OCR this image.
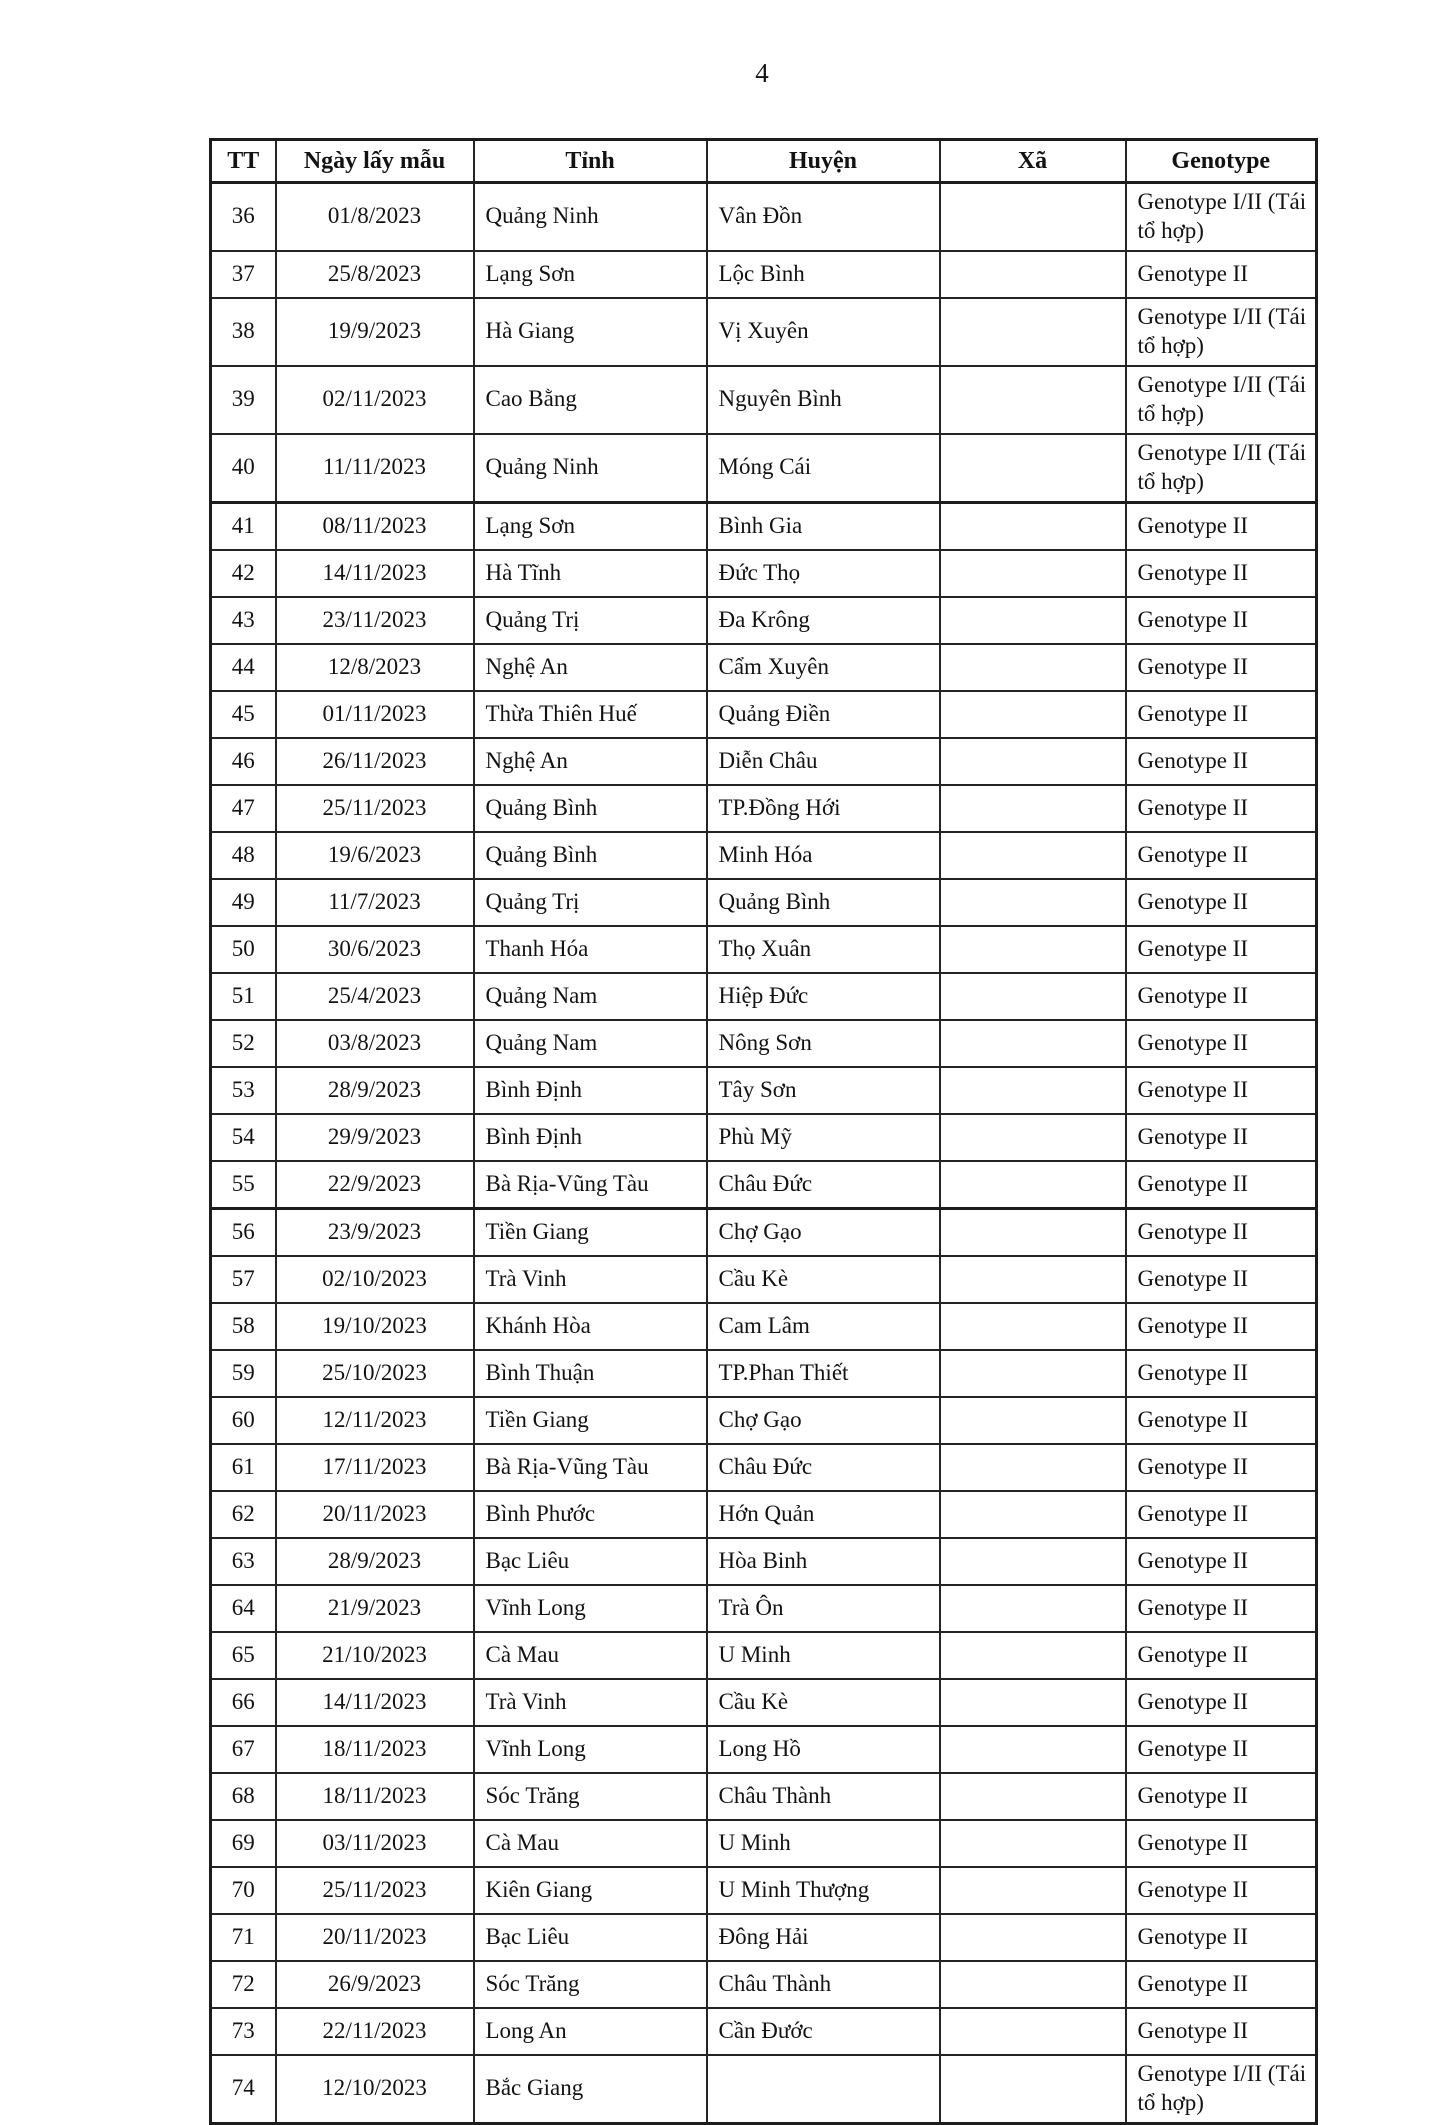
4
TT	Ngày lấy mẫu	Tỉnh	Huyện	Xã	Genotype
36	01/8/2023	Quảng Ninh	Vân Đồn		Genotype I/II (Tái tổ hợp)
37	25/8/2023	Lạng Sơn	Lộc Bình		Genotype II
38	19/9/2023	Hà Giang	Vị Xuyên		Genotype I/II (Tái tổ hợp)
39	02/11/2023	Cao Bằng	Nguyên Bình		Genotype I/II (Tái tổ hợp)
40	11/11/2023	Quảng Ninh	Móng Cái		Genotype I/II (Tái tổ hợp)
41	08/11/2023	Lạng Sơn	Bình Gia		Genotype II
42	14/11/2023	Hà Tĩnh	Đức Thọ		Genotype II
43	23/11/2023	Quảng Trị	Đa Krông		Genotype II
44	12/8/2023	Nghệ An	Cẩm Xuyên		Genotype II
45	01/11/2023	Thừa Thiên Huế	Quảng Điền		Genotype II
46	26/11/2023	Nghệ An	Diễn Châu		Genotype II
47	25/11/2023	Quảng Bình	TP.Đồng Hới		Genotype II
48	19/6/2023	Quảng Bình	Minh Hóa		Genotype II
49	11/7/2023	Quảng Trị	Quảng Bình		Genotype II
50	30/6/2023	Thanh Hóa	Thọ Xuân		Genotype II
51	25/4/2023	Quảng Nam	Hiệp Đức		Genotype II
52	03/8/2023	Quảng Nam	Nông Sơn		Genotype II
53	28/9/2023	Bình Định	Tây Sơn		Genotype II
54	29/9/2023	Bình Định	Phù Mỹ		Genotype II
55	22/9/2023	Bà Rịa-Vũng Tàu	Châu Đức		Genotype II
56	23/9/2023	Tiền Giang	Chợ Gạo		Genotype II
57	02/10/2023	Trà Vinh	Cầu Kè		Genotype II
58	19/10/2023	Khánh Hòa	Cam Lâm		Genotype II
59	25/10/2023	Bình Thuận	TP.Phan Thiết		Genotype II
60	12/11/2023	Tiền Giang	Chợ Gạo		Genotype II
61	17/11/2023	Bà Rịa-Vũng Tàu	Châu Đức		Genotype II
62	20/11/2023	Bình Phước	Hớn Quản		Genotype II
63	28/9/2023	Bạc Liêu	Hòa Binh		Genotype II
64	21/9/2023	Vĩnh Long	Trà Ôn		Genotype II
65	21/10/2023	Cà Mau	U Minh		Genotype II
66	14/11/2023	Trà Vinh	Cầu Kè		Genotype II
67	18/11/2023	Vĩnh Long	Long Hồ		Genotype II
68	18/11/2023	Sóc Trăng	Châu Thành		Genotype II
69	03/11/2023	Cà Mau	U Minh		Genotype II
70	25/11/2023	Kiên Giang	U Minh Thượng		Genotype II
71	20/11/2023	Bạc Liêu	Đông Hải		Genotype II
72	26/9/2023	Sóc Trăng	Châu Thành		Genotype II
73	22/11/2023	Long An	Cần Đước		Genotype II
74	12/10/2023	Bắc Giang			Genotype I/II (Tái tổ hợp)
